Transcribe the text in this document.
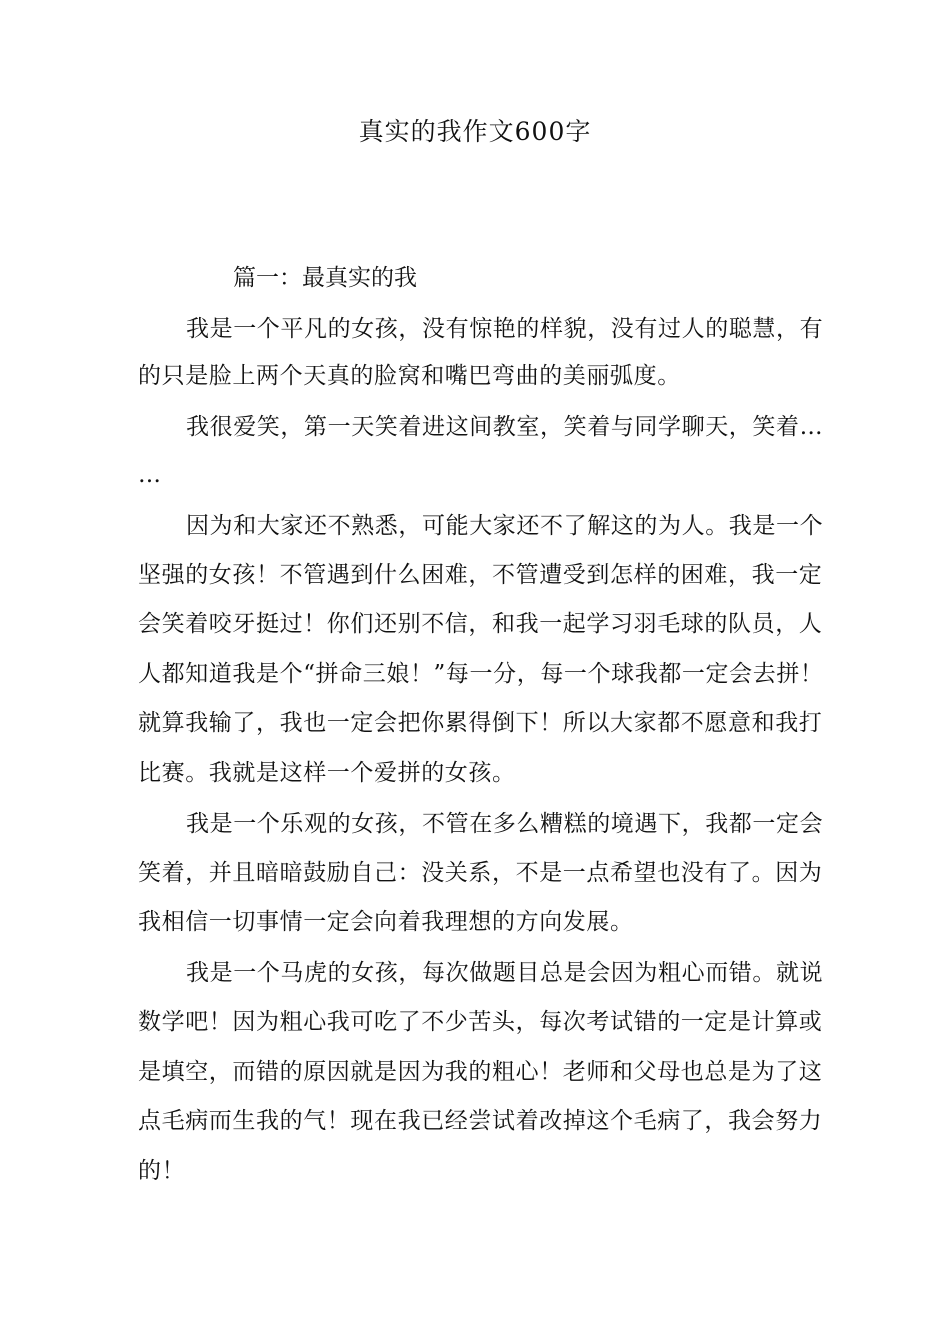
真实的我作文600字
篇一：最真实的我
我是一个平凡的女孩，没有惊艳的样貌，没有过人的聪慧，有
的只是脸上两个天真的脸窝和嘴巴弯曲的美丽弧度。
我很爱笑，第一天笑着进这间教室，笑着与同学聊天，笑着…
…
因为和大家还不熟悉，可能大家还不了解这的为人。我是一个
坚强的女孩！不管遇到什么困难，不管遭受到怎样的困难，我一定
会笑着咬牙挺过！你们还别不信，和我一起学习羽毛球的队员，人
人都知道我是个“拼命三娘！”每一分，每一个球我都一定会去拼！
就算我输了，我也一定会把你累得倒下！所以大家都不愿意和我打
比赛。我就是这样一个爱拼的女孩。
我是一个乐观的女孩，不管在多么糟糕的境遇下，我都一定会
笑着，并且暗暗鼓励自己：没关系，不是一点希望也没有了。因为
我相信一切事情一定会向着我理想的方向发展。
我是一个马虎的女孩，每次做题目总是会因为粗心而错。就说
数学吧！因为粗心我可吃了不少苦头，每次考试错的一定是计算或
是填空，而错的原因就是因为我的粗心！老师和父母也总是为了这
点毛病而生我的气！现在我已经尝试着改掉这个毛病了，我会努力
的！
